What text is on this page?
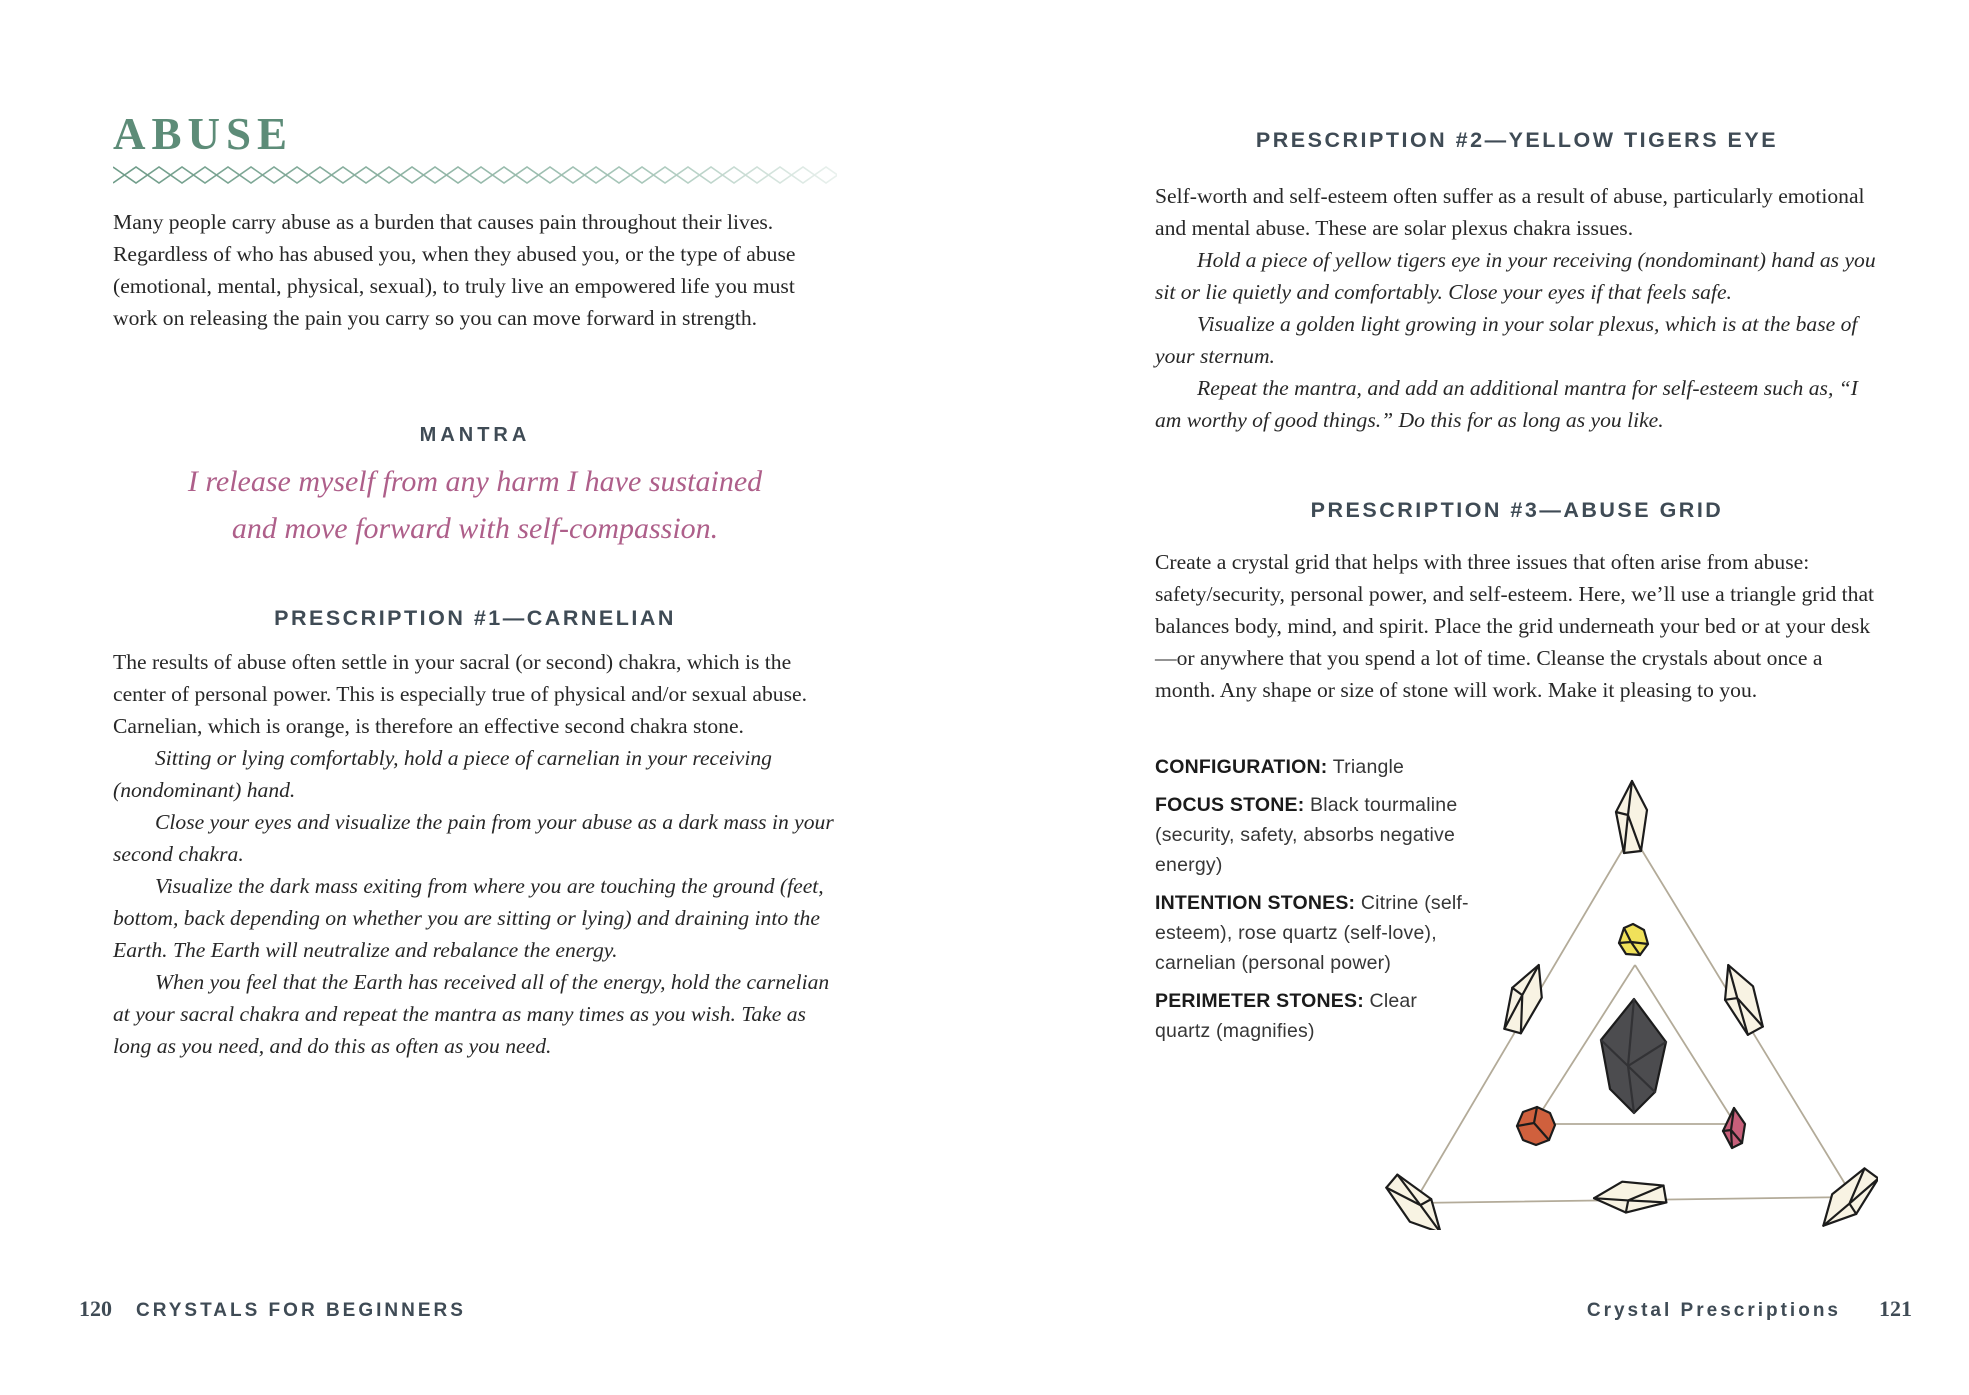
ABUSE

Many people carry abuse as a burden that causes pain throughout their lives. Regardless of who has abused you, when they abused you, or the type of abuse (emotional, mental, physical, sexual), to truly live an empowered life you must work on releasing the pain you carry so you can move forward in strength.

MANTRA
I release myself from any harm I have sustained
and move forward with self-compassion.
PRESCRIPTION #1—CARNELIAN

The results of abuse often settle in your sacral (or second) chakra, which is the center of personal power. This is especially true of physical and/or sexual abuse. Carnelian, which is orange, is therefore an effective second chakra stone.

Sitting or lying comfortably, hold a piece of carnelian in your receiving (nondominant) hand.

Close your eyes and visualize the pain from your abuse as a dark mass in your second chakra.

Visualize the dark mass exiting from where you are touching the ground (feet, bottom, back depending on whether you are sitting or lying) and draining into the Earth. The Earth will neutralize and rebalance the energy.

When you feel that the Earth has received all of the energy, hold the carnelian at your sacral chakra and repeat the mantra as many times as you wish. Take as long as you need, and do this as often as you need.

120 CRYSTALS FOR BEGINNERS
PRESCRIPTION #2—YELLOW TIGERS EYE

Self-worth and self-esteem often suffer as a result of abuse, particularly emotional and mental abuse. These are solar plexus chakra issues.

Hold a piece of yellow tigers eye in your receiving (nondominant) hand as you sit or lie quietly and comfortably. Close your eyes if that feels safe.

Visualize a golden light growing in your solar plexus, which is at the base of your sternum.

Repeat the mantra, and add an additional mantra for self-esteem such as, “I am worthy of good things.” Do this for as long as you like.

PRESCRIPTION #3—ABUSE GRID

Create a crystal grid that helps with three issues that often arise from abuse: safety/security, personal power, and self-esteem. Here, we’ll use a triangle grid that balances body, mind, and spirit. Place the grid underneath your bed or at your desk—or anywhere that you spend a lot of time. Cleanse the crystals about once a month. Any shape or size of stone will work. Make it pleasing to you.

CONFIGURATION: Triangle

FOCUS STONE: Black tourmaline (security, safety, absorbs negative energy)

INTENTION STONES: Citrine (self-esteem), rose quartz (self-love), carnelian (personal power)

PERIMETER STONES: Clear quartz (magnifies)

Crystal Prescriptions 121
